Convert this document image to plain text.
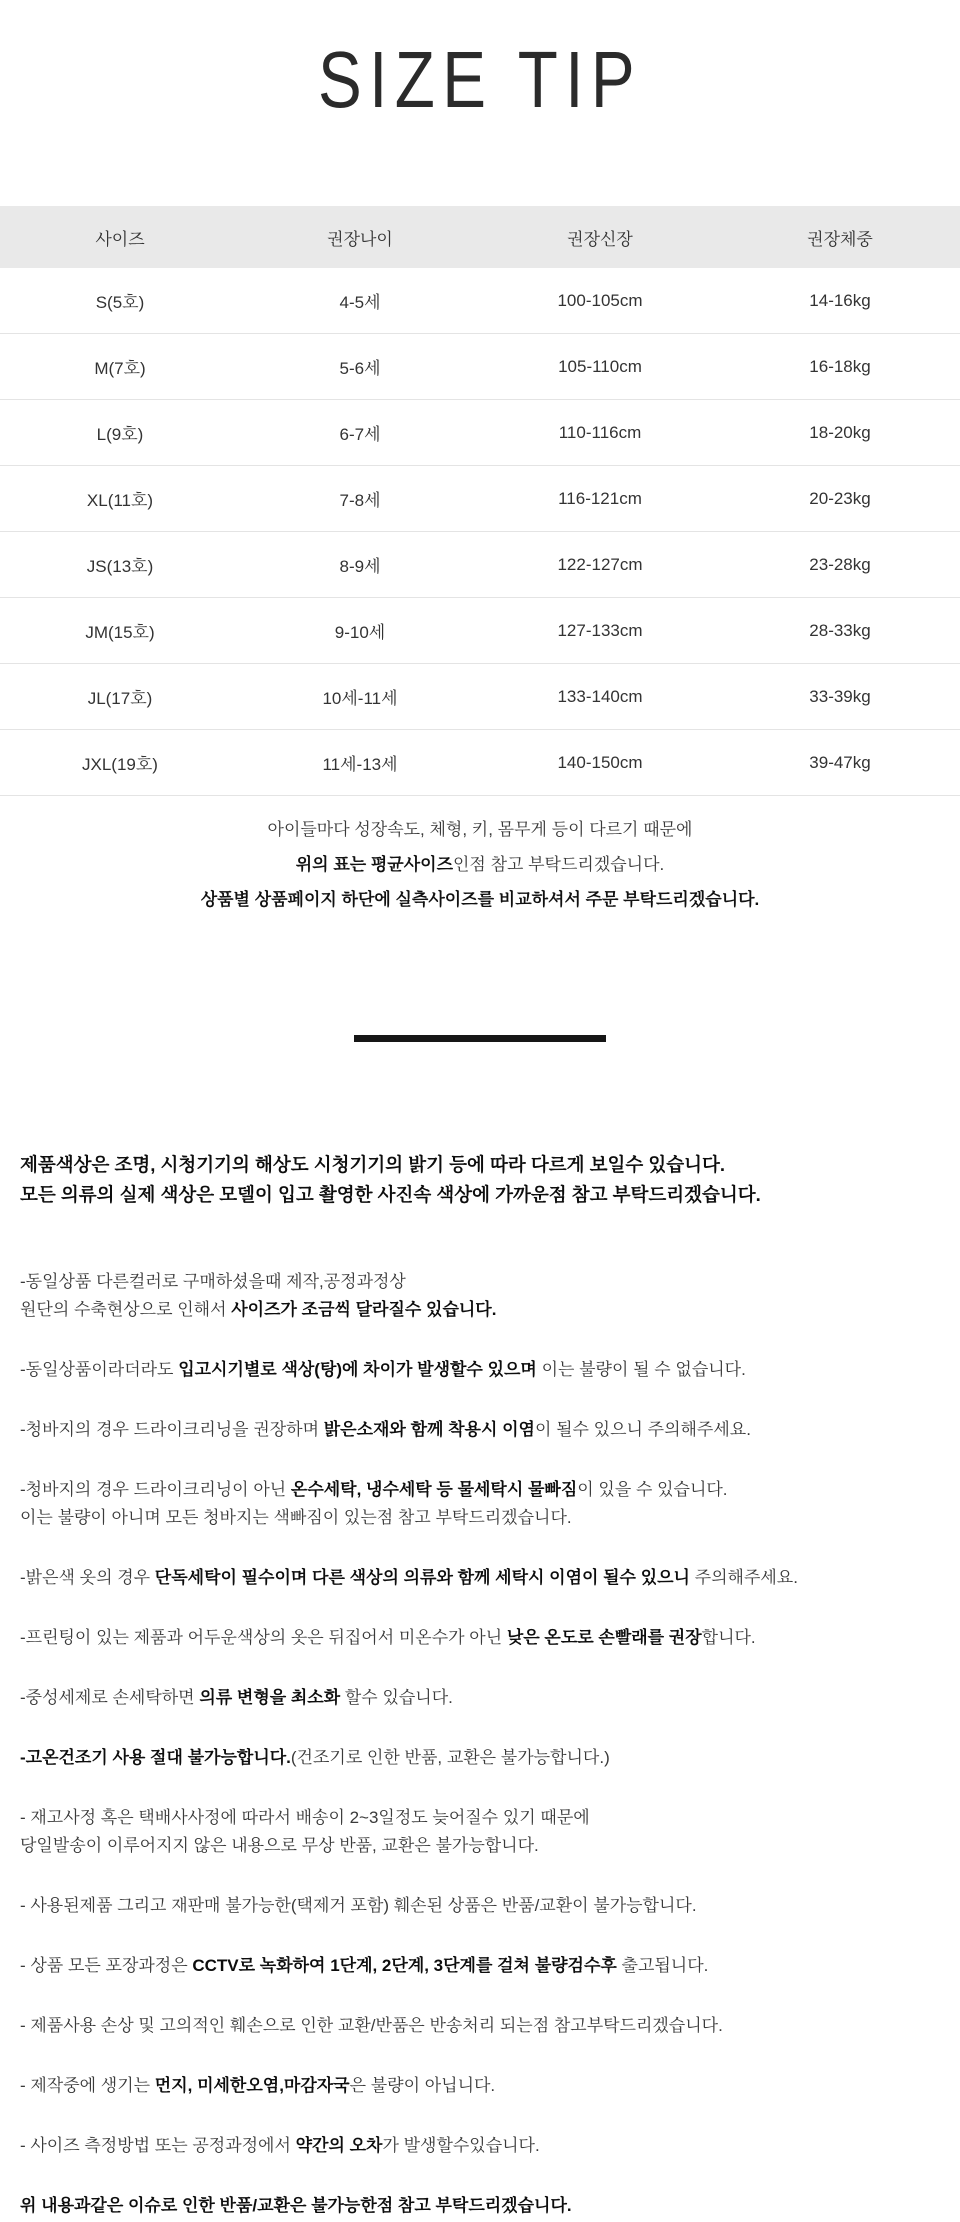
SIZE TIP
사이즈	권장나이	권장신장	권장체중
S(5호)	4-5세	100-105cm	14-16kg
M(7호)	5-6세	105-110cm	16-18kg
L(9호)	6-7세	110-116cm	18-20kg
XL(11호)	7-8세	116-121cm	20-23kg
JS(13호)	8-9세	122-127cm	23-28kg
JM(15호)	9-10세	127-133cm	28-33kg
JL(17호)	10세-11세	133-140cm	33-39kg
JXL(19호)	11세-13세	140-150cm	39-47kg
아이들마다 성장속도, 체형, 키, 몸무게 등이 다르기 때문에
위의 표는 평균사이즈인점 참고 부탁드리겠습니다.
상품별 상품페이지 하단에 실측사이즈를 비교하셔서 주문 부탁드리겠습니다.
제품색상은 조명, 시청기기의 해상도 시청기기의 밝기 등에 따라 다르게 보일수 있습니다.
모든 의류의 실제 색상은 모델이 입고 촬영한 사진속 색상에 가까운점 참고 부탁드리겠습니다.

-동일상품 다른컬러로 구매하셨을때 제작,공정과정상
원단의 수축현상으로 인해서 사이즈가 조금씩 달라질수 있습니다.

-동일상품이라더라도 입고시기별로 색상(탕)에 차이가 발생할수 있으며 이는 불량이 될 수 없습니다.

-청바지의 경우 드라이크리닝을 권장하며 밝은소재와 함께 착용시 이염이 될수 있으니 주의해주세요.

-청바지의 경우 드라이크리닝이 아닌 온수세탁, 냉수세탁 등 물세탁시 물빠짐이 있을 수 있습니다.
이는 불량이 아니며 모든 청바지는 색빠짐이 있는점 참고 부탁드리겠습니다.

-밝은색 옷의 경우 단독세탁이 필수이며 다른 색상의 의류와 함께 세탁시 이염이 될수 있으니 주의해주세요.

-프린팅이 있는 제품과 어두운색상의 옷은 뒤집어서 미온수가 아닌 낮은 온도로 손빨래를 권장합니다.

-중성세제로 손세탁하면 의류 변형을 최소화 할수 있습니다.

-고온건조기 사용 절대 불가능합니다.(건조기로 인한 반품, 교환은 불가능합니다.)

- 재고사정 혹은 택배사사정에 따라서 배송이 2~3일정도 늦어질수 있기 때문에
당일발송이 이루어지지 않은 내용으로 무상 반품, 교환은 불가능합니다.

- 사용된제품 그리고 재판매 불가능한(택제거 포함) 훼손된 상품은 반품/교환이 불가능합니다.

- 상품 모든 포장과정은 CCTV로 녹화하여 1단계, 2단계, 3단계를 걸쳐 불량검수후 출고됩니다.

- 제품사용 손상 및 고의적인 훼손으로 인한 교환/반품은 반송처리 되는점 참고부탁드리겠습니다.

- 제작중에 생기는 먼지, 미세한오염,마감자국은 불량이 아닙니다.

- 사이즈 측정방법 또는 공정과정에서 약간의 오차가 발생할수있습니다.

위 내용과같은 이슈로 인한 반품/교환은 불가능한점 참고 부탁드리겠습니다.
